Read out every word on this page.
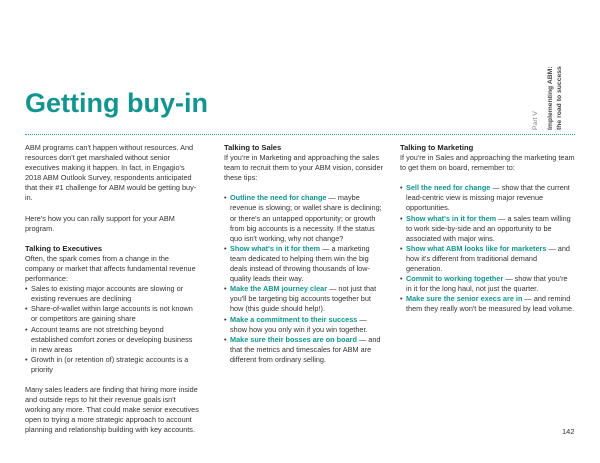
Getting buy-in
Part V Implementing ABM: the road to success

ABM programs can't happen without resources. And resources don't get marshaled without senior executives making it happen. In fact, in Engagio's 2018 ABM Outlook Survey, respondents anticipated that their #1 challenge for ABM would be getting buy-in.

Here's how you can rally support for your ABM program.

Talking to Executives

Often, the spark comes from a change in the company or market that affects fundamental revenue performance:

• Sales to existing major accounts are slowing or existing revenues are declining
• Share-of-wallet within large accounts is not known or competitors are gaining share
• Account teams are not stretching beyond established comfort zones or developing business in new areas
• Growth in (or retention of) strategic accounts is a priority

Many sales leaders are finding that hiring more inside and outside reps to hit their revenue goals isn't working any more. That could make senior executives open to trying a more strategic approach to account planning and relationship building with key accounts.

Talking to Sales

If you're in Marketing and approaching the sales team to recruit them to your ABM vision, consider these tips:

• Outline the need for change — maybe revenue is slowing; or wallet share is declining; or there's an untapped opportunity; or growth from big accounts is a necessity. If the status quo isn't working, why not change?
• Show what's in it for them — a marketing team dedicated to helping them win the big deals instead of throwing thousands of low-quality leads their way.
• Make the ABM journey clear — not just that you'll be targeting big accounts together but how (this guide should help!).
• Make a commitment to their success — show how you only win if you win together.
• Make sure their bosses are on board — and that the metrics and timescales for ABM are different from ordinary selling.

Talking to Marketing

If you're in Sales and approaching the marketing team to get them on board, remember to:

• Sell the need for change — show that the current lead-centric view is missing major revenue opportunities.
• Show what's in it for them — a sales team willing to work side-by-side and an opportunity to be associated with major wins.
• Show what ABM looks like for marketers — and how it's different from traditional demand generation.
• Commit to working together — show that you're in it for the long haul, not just the quarter.
• Make sure the senior execs are in — and remind them they really won't be measured by lead volume.
142
